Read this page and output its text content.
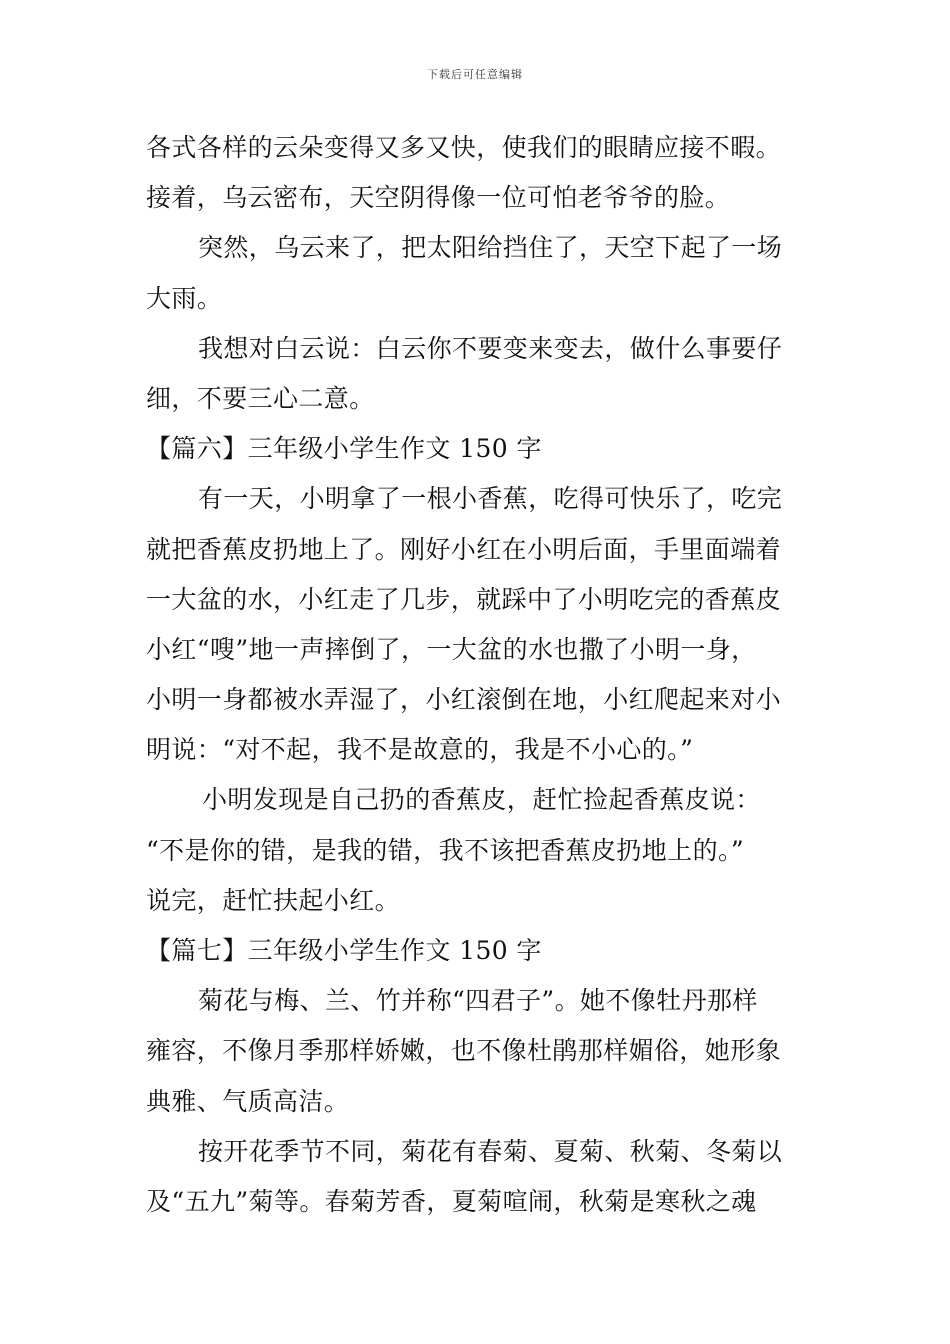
下载后可任意编辑
各式各样的云朵变得又多又快，使我们的眼睛应接不暇。
接着，乌云密布，天空阴得像一位可怕老爷爷的脸。
突然，乌云来了，把太阳给挡住了，天空下起了一场
大雨。
我想对白云说：白云你不要变来变去，做什么事要仔
细，不要三心二意。
【篇六】三年级小学生作文 150 字
有一天，小明拿了一根小香蕉，吃得可快乐了，吃完
就把香蕉皮扔地上了。刚好小红在小明后面，手里面端着
一大盆的水，小红走了几步，就踩中了小明吃完的香蕉皮
小红“嗖”地一声摔倒了，一大盆的水也撒了小明一身，
小明一身都被水弄湿了，小红滚倒在地，小红爬起来对小
明说：“对不起，我不是故意的，我是不小心的。”
小明发现是自己扔的香蕉皮，赶忙捡起香蕉皮说：
“不是你的错，是我的错，我不该把香蕉皮扔地上的。”
说完，赶忙扶起小红。
【篇七】三年级小学生作文 150 字
菊花与梅、兰、竹并称“四君子”。她不像牡丹那样
雍容，不像月季那样娇嫩，也不像杜鹃那样媚俗，她形象
典雅、气质高洁。
按开花季节不同，菊花有春菊、夏菊、秋菊、冬菊以
及“五九”菊等。春菊芳香，夏菊喧闹，秋菊是寒秋之魂
